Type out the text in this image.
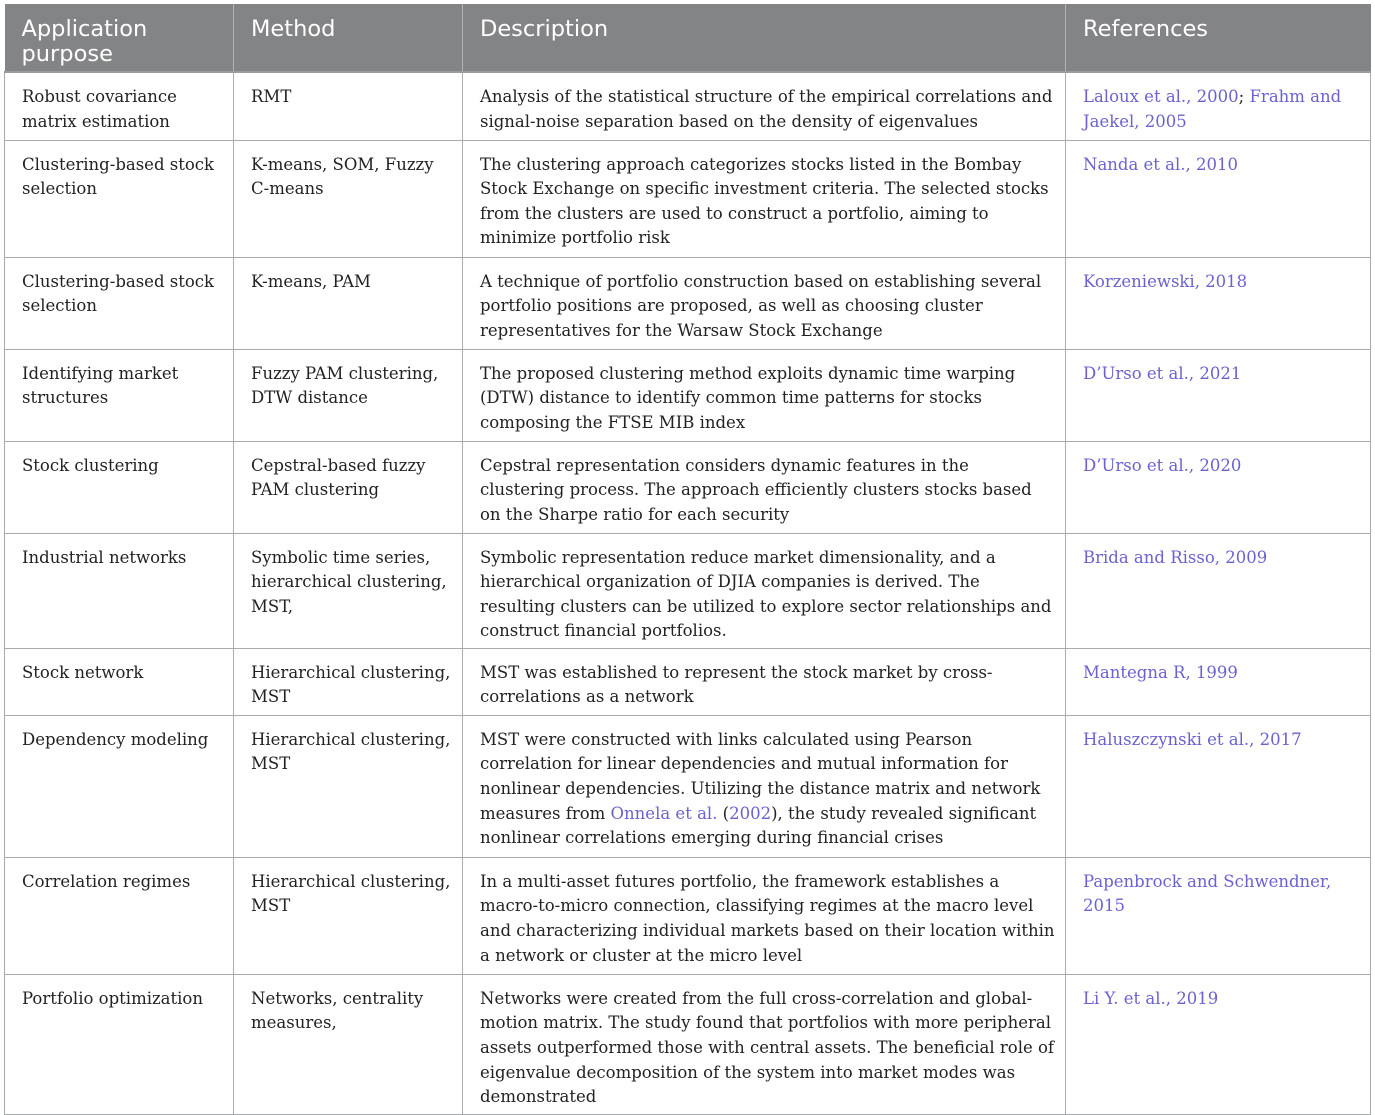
Application purpose	Method	Description	References
Robust covariance matrix estimation	RMT	Analysis of the statistical structure of the empirical correlations and signal-noise separation based on the density of eigenvalues	Laloux et al., 2000; Frahm and Jaekel, 2005
Clustering-based stock selection	K-means, SOM, Fuzzy C-means	The clustering approach categorizes stocks listed in the Bombay Stock Exchange on specific investment criteria. The selected stocks from the clusters are used to construct a portfolio, aiming to minimize portfolio risk	Nanda et al., 2010
Clustering-based stock selection	K-means, PAM	A technique of portfolio construction based on establishing several portfolio positions are proposed, as well as choosing cluster representatives for the Warsaw Stock Exchange	Korzeniewski, 2018
Identifying market structures	Fuzzy PAM clustering, DTW distance	The proposed clustering method exploits dynamic time warping (DTW) distance to identify common time patterns for stocks composing the FTSE MIB index	D’Urso et al., 2021
Stock clustering	Cepstral-based fuzzy PAM clustering	Cepstral representation considers dynamic features in the clustering process. The approach efficiently clusters stocks based on the Sharpe ratio for each security	D’Urso et al., 2020
Industrial networks	Symbolic time series, hierarchical clustering, MST,	Symbolic representation reduce market dimensionality, and a hierarchical organization of DJIA companies is derived. The resulting clusters can be utilized to explore sector relationships and construct financial portfolios.	Brida and Risso, 2009
Stock network	Hierarchical clustering, MST	MST was established to represent the stock market by cross-correlations as a network	Mantegna R, 1999
Dependency modeling	Hierarchical clustering, MST	MST were constructed with links calculated using Pearson correlation for linear dependencies and mutual information for nonlinear dependencies. Utilizing the distance matrix and network measures from Onnela et al. (2002), the study revealed significant nonlinear correlations emerging during financial crises	Haluszczynski et al., 2017
Correlation regimes	Hierarchical clustering, MST	In a multi-asset futures portfolio, the framework establishes a macro-to-micro connection, classifying regimes at the macro level and characterizing individual markets based on their location within a network or cluster at the micro level	Papenbrock and Schwendner, 2015
Portfolio optimization	Networks, centrality measures,	Networks were created from the full cross-correlation and global-motion matrix. The study found that portfolios with more peripheral assets outperformed those with central assets. The beneficial role of eigenvalue decomposition of the system into market modes was demonstrated	Li Y. et al., 2019
